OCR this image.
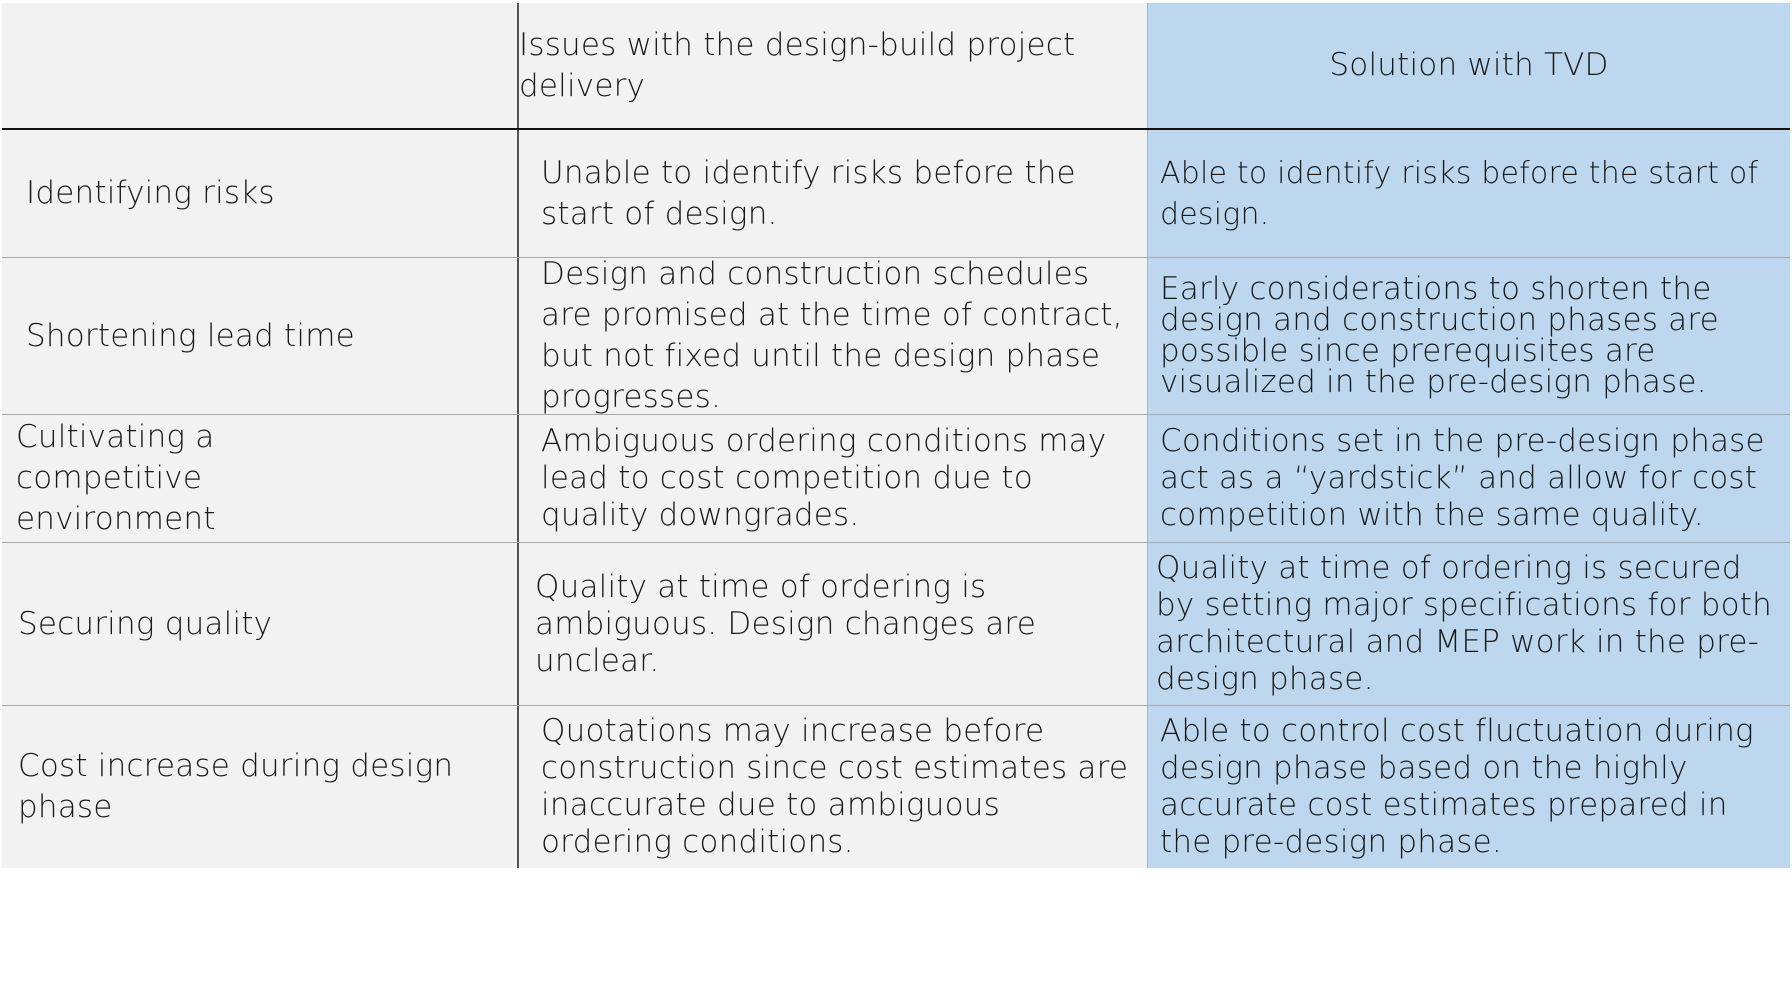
Issues with the design-build project delivery
Solution with TVD
Identifying risks
Unable to identify risks before the start of design.
Able to identify risks before the start of design.
Shortening lead time
Design and construction schedules are promised at the time of contract, but not fixed until the design phase progresses.
Early considerations to shorten the design and construction phases are possible since prerequisites are visualized in the pre-design phase.
Cultivating a competitive environment
Ambiguous ordering conditions may lead to cost competition due to quality downgrades.
Conditions set in the pre-design phase act as a “yardstick” and allow for cost competition with the same quality.
Securing quality
Quality at time of ordering is ambiguous. Design changes are unclear.
Quality at time of ordering is secured by setting major specifications for both architectural and MEP work in the pre-design phase.
Cost increase during design phase
Quotations may increase before construction since cost estimates are inaccurate due to ambiguous ordering conditions.
Able to control cost fluctuation during design phase based on the highly accurate cost estimates prepared in the pre-design phase.
